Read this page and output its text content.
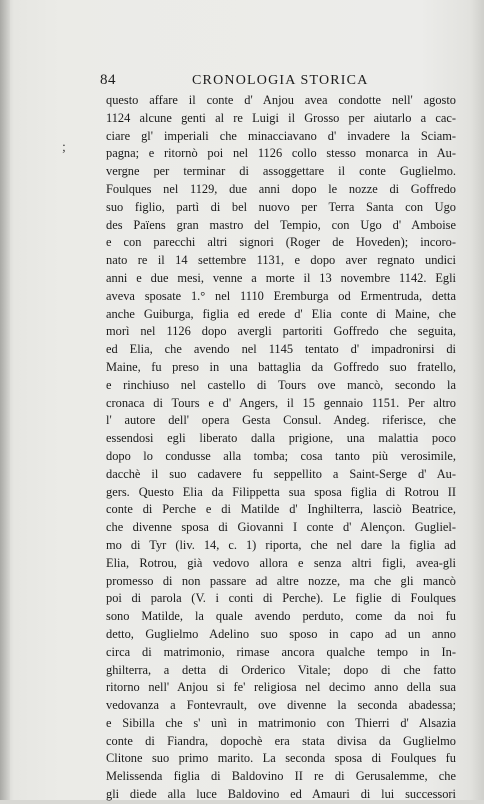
84	CRONOLOGIA STORICA
;
questo affare il conte d' Anjou avea condotte nell' agosto
1124 alcune genti al re Luigi il Grosso per aiutarlo a cac-
ciare gl' imperiali che minacciavano d' invadere la Sciam-
pagna; e ritornò poi nel 1126 collo stesso monarca in Au-
vergne per terminar di assoggettare il conte Guglielmo.
Foulques nel 1129, due anni dopo le nozze di Goffredo
suo figlio, partì di bel nuovo per Terra Santa con Ugo
des Païens gran mastro del Tempio, con Ugo d' Amboise
e con parecchi altri signori (Roger de Hoveden); incoro-
nato re il 14 settembre 1131, e dopo aver regnato undici
anni e due mesi, venne a morte il 13 novembre 1142. Egli
aveva sposate 1.° nel 1110 Eremburga od Ermentruda, detta
anche Guiburga, figlia ed erede d' Elia conte di Maine, che
morì nel 1126 dopo avergli partoriti Goffredo che seguita,
ed Elia, che avendo nel 1145 tentato d' impadronirsi di
Maine, fu preso in una battaglia da Goffredo suo fratello,
e rinchiuso nel castello di Tours ove mancò, secondo la
cronaca di Tours e d' Angers, il 15 gennaio 1151. Per altro
l' autore dell' opera Gesta Consul. Andeg. riferisce, che
essendosi egli liberato dalla prigione, una malattia poco
dopo lo condusse alla tomba; cosa tanto più verosimile,
dacchè il suo cadavere fu seppellito a Saint-Serge d' Au-
gers. Questo Elia da Filippetta sua sposa figlia di Rotrou II
conte di Perche e di Matilde d' Inghilterra, lasciò Beatrice,
che divenne sposa di Giovanni I conte d' Alençon. Gugliel-
mo di Tyr (liv. 14, c. 1) riporta, che nel dare la figlia ad
Elia, Rotrou, già vedovo allora e senza altri figli, avea-gli
promesso di non passare ad altre nozze, ma che gli mancò
poi di parola (V. i conti di Perche). Le figlie di Foulques
sono Matilde, la quale avendo perduto, come da noi fu
detto, Guglielmo Adelino suo sposo in capo ad un anno
circa di matrimonio, rimase ancora qualche tempo in In-
ghilterra, a detta di Orderico Vitale; dopo di che fatto
ritorno nell' Anjou si fe' religiosa nel decimo anno della sua
vedovanza a Fontevrault, ove divenne la seconda abadessa;
e Sibilla che s' unì in matrimonio con Thierri d' Alsazia
conte di Fiandra, dopochè era stata divisa da Guglielmo
Clitone suo primo marito. La seconda sposa di Foulques fu
Melissenda figlia di Baldovino II re di Gerusalemme, che
gli diede alla luce Baldovino ed Amauri di lui successori
